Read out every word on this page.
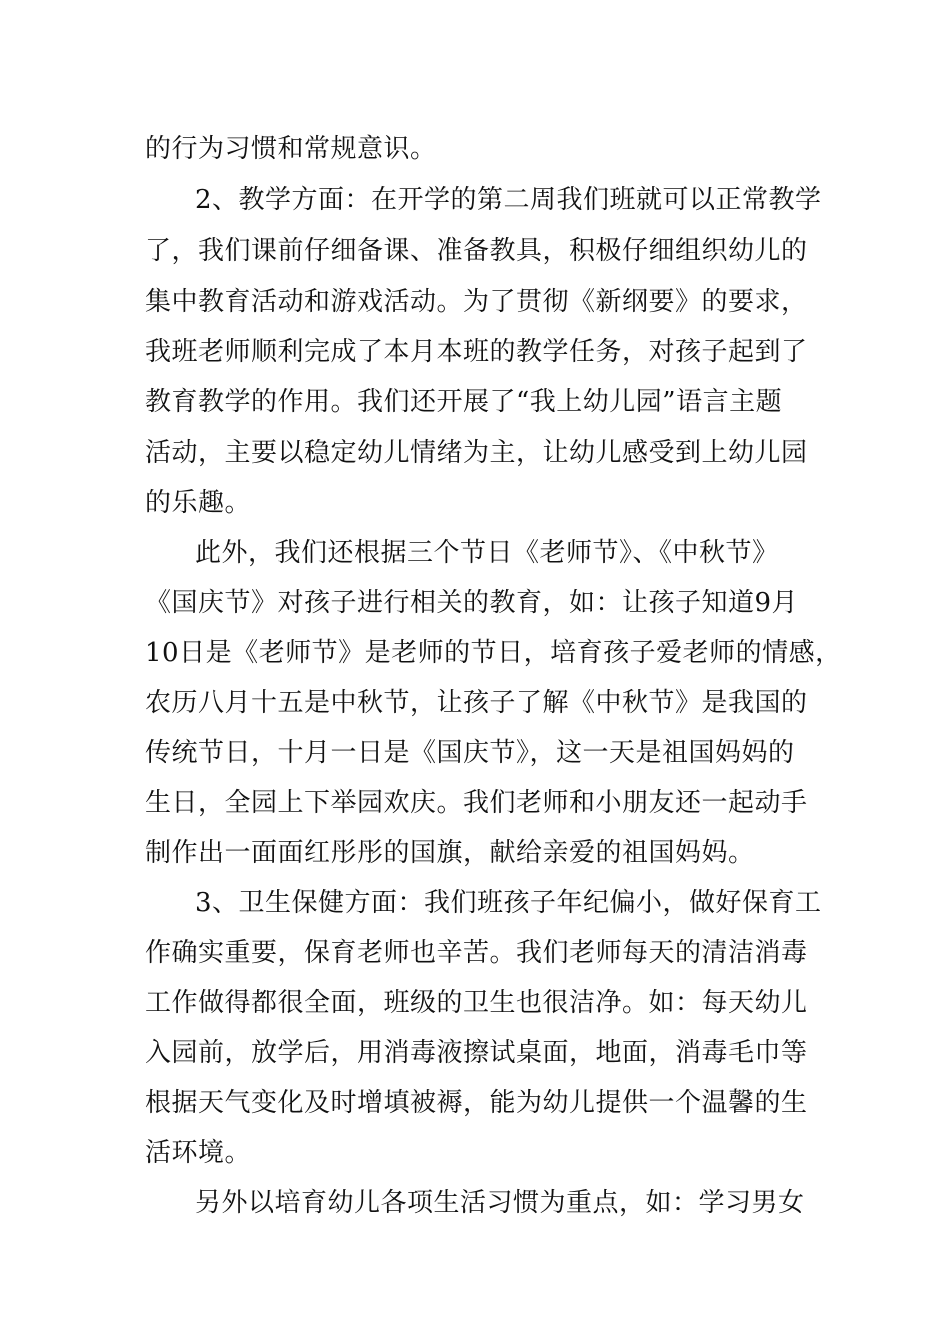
的行为习惯和常规意识。
2、教学方面：在开学的第二周我们班就可以正常教学
了，我们课前仔细备课、准备教具，积极仔细组织幼儿的
集中教育活动和游戏活动。为了贯彻《新纲要》的要求，
我班老师顺利完成了本月本班的教学任务，对孩子起到了
教育教学的作用。我们还开展了“我上幼儿园”语言主题
活动，主要以稳定幼儿情绪为主，让幼儿感受到上幼儿园
的乐趣。
此外，我们还根据三个节日《老师节》、《中秋节》
《国庆节》对孩子进行相关的教育，如：让孩子知道9月
10日是《老师节》是老师的节日，培育孩子爱老师的情感，
农历八月十五是中秋节，让孩子了解《中秋节》是我国的
传统节日，十月一日是《国庆节》，这一天是祖国妈妈的
生日，全园上下举园欢庆。我们老师和小朋友还一起动手
制作出一面面红彤彤的国旗，献给亲爱的祖国妈妈。
3、卫生保健方面：我们班孩子年纪偏小，做好保育工
作确实重要，保育老师也辛苦。我们老师每天的清洁消毒
工作做得都很全面，班级的卫生也很洁净。如：每天幼儿
入园前，放学后，用消毒液擦试桌面，地面，消毒毛巾等
根据天气变化及时增填被褥，能为幼儿提供一个温馨的生
活环境。
另外以培育幼儿各项生活习惯为重点，如：学习男女
